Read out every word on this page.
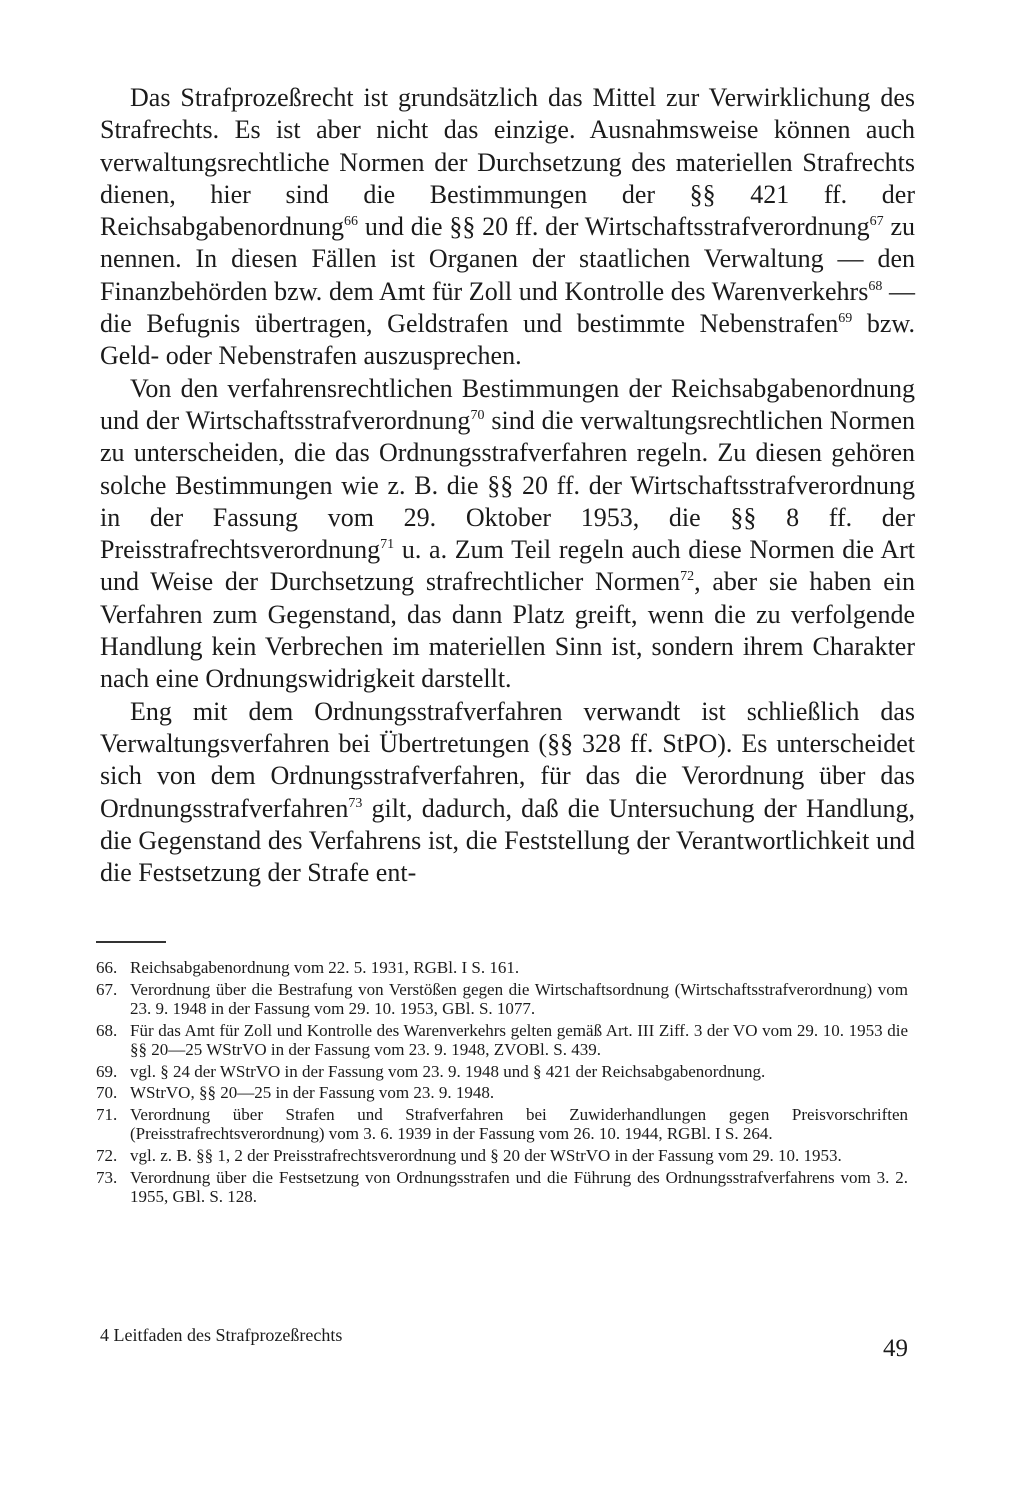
Das Strafprozeßrecht ist grundsätzlich das Mittel zur Verwirklichung des Strafrechts. Es ist aber nicht das einzige. Ausnahmsweise können auch verwaltungsrechtliche Normen der Durchsetzung des materiellen Strafrechts dienen, hier sind die Bestimmungen der §§ 421 ff. der Reichsabgabenordnung$^{66}$ und die §§ 20 ff. der Wirtschaftsstrafverordnung$^{67}$ zu nennen. In diesen Fällen ist Organen der staatlichen Verwaltung — den Finanzbehörden bzw. dem Amt für Zoll und Kontrolle des Warenverkehrs$^{68}$ — die Befugnis übertragen, Geldstrafen und bestimmte Nebenstrafen$^{69}$ bzw. Geld- oder Nebenstrafen auszusprechen.

Von den verfahrensrechtlichen Bestimmungen der Reichsabgabenordnung und der Wirtschaftsstrafverordnung$^{70}$ sind die verwaltungsrechtlichen Normen zu unterscheiden, die das Ordnungsstrafverfahren regeln. Zu diesen gehören solche Bestimmungen wie z. B. die §§ 20 ff. der Wirtschaftsstrafverordnung in der Fassung vom 29. Oktober 1953, die §§ 8 ff. der Preisstrafrechtsverordnung$^{71}$ u. a. Zum Teil regeln auch diese Normen die Art und Weise der Durchsetzung strafrechtlicher Normen$^{72}$, aber sie haben ein Verfahren zum Gegenstand, das dann Platz greift, wenn die zu verfolgende Handlung kein Verbrechen im materiellen Sinn ist, sondern ihrem Charakter nach eine Ordnungswidrigkeit darstellt.

Eng mit dem Ordnungsstrafverfahren verwandt ist schließlich das Verwaltungsverfahren bei Übertretungen (§§ 328 ff. StPO). Es unterscheidet sich von dem Ordnungsstrafverfahren, für das die Verordnung über das Ordnungsstrafverfahren$^{73}$ gilt, dadurch, daß die Untersuchung der Handlung, die Gegenstand des Verfahrens ist, die Feststellung der Verantwortlichkeit und die Festsetzung der Strafe ent-

66. Reichsabgabenordnung vom 22. 5. 1931, RGBl. I S. 161.
67. Verordnung über die Bestrafung von Verstößen gegen die Wirtschaftsordnung (Wirtschaftsstrafverordnung) vom 23. 9. 1948 in der Fassung vom 29. 10. 1953, GBl. S. 1077.
68. Für das Amt für Zoll und Kontrolle des Warenverkehrs gelten gemäß Art. III Ziff. 3 der VO vom 29. 10. 1953 die §§ 20—25 WStrVO in der Fassung vom 23. 9. 1948, ZVOBl. S. 439.
69. vgl. § 24 der WStrVO in der Fassung vom 23. 9. 1948 und § 421 der Reichsabgabenordnung.
70. WStrVO, §§ 20—25 in der Fassung vom 23. 9. 1948.
71. Verordnung über Strafen und Strafverfahren bei Zuwiderhandlungen gegen Preisvorschriften (Preisstrafrechtsverordnung) vom 3. 6. 1939 in der Fassung vom 26. 10. 1944, RGBl. I S. 264.
72. vgl. z. B. §§ 1, 2 der Preisstrafrechtsverordnung und § 20 der WStrVO in der Fassung vom 29. 10. 1953.
73. Verordnung über die Festsetzung von Ordnungsstrafen und die Führung des Ordnungsstrafverfahrens vom 3. 2. 1955, GBl. S. 128.
4 Leitfaden des Strafprozeßrechts	49
